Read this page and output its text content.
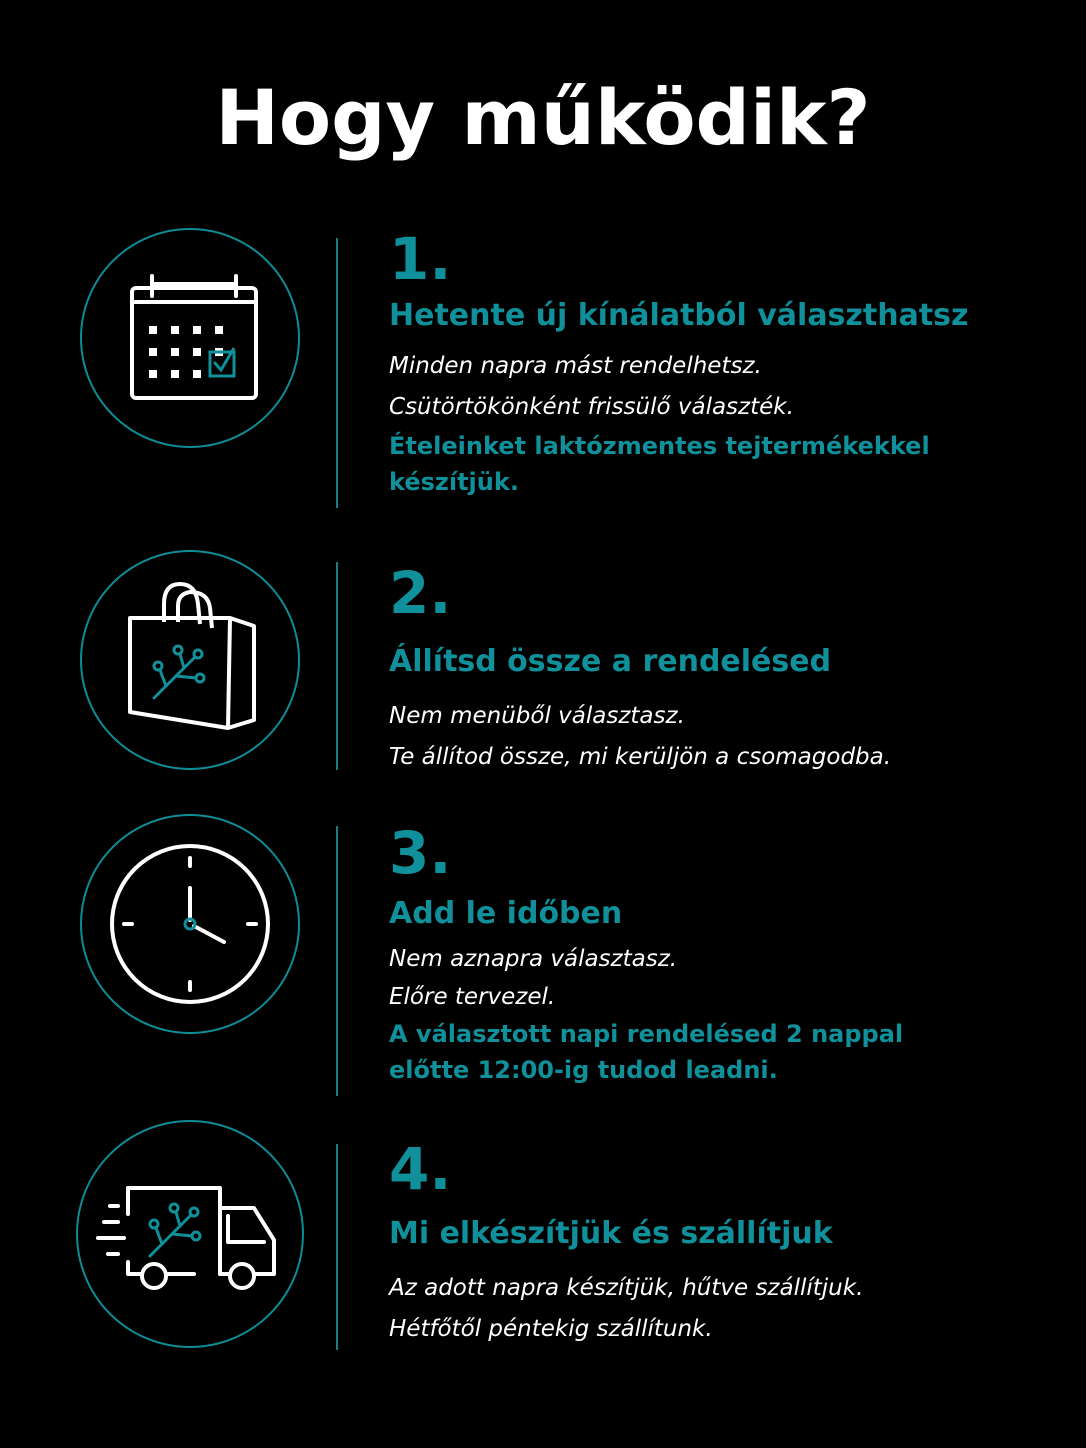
Hogy működik?
1.
Hetente új kínálatból választhatsz
Minden napra mást rendelhetsz.
Csütörtökönként frissülő választék.
Ételeinket laktózmentes tejtermékekkel
készítjük.
2.
Állítsd össze a rendelésed
Nem menüből választasz.
Te állítod össze, mi kerüljön a csomagodba.
3.
Add le időben
Nem aznapra választasz.
Előre tervezel.
A választott napi rendelésed 2 nappal
előtte 12:00-ig tudod leadni.
4.
Mi elkészítjük és szállítjuk
Az adott napra készítjük, hűtve szállítjuk.
Hétfőtől péntekig szállítunk.
